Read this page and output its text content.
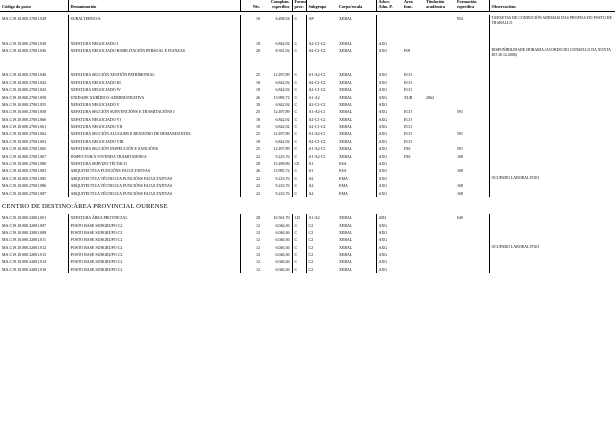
Código do posto	Denominación	Nív.	Complem.
específico	Forma
prov.	Subgrupo	Corpo/escala	Adscr.
Adm. P.	Área
func.	Titulación
académica	Formación
específica	Observacións

MA.C19.10.000.27001.028	SUBALTERNO/A	10	6.498,54	C	AP	XERAL				954	TARXETAS DE CONDUCIÓN ADEMAIS DAS PROPIAS DO POSTO DE TRABALLO
MA.C19.10.000.27001.030	XEFATURA NEGOCIADO I	18	6.842,92	C	A2-C1-C2	XERAL	AXG				
MA.C19.10.000.27001.036	XEFATURA NEGOCIADO HABILITACIÓN PERSOAL E FIANZAS	20	8.361,92	C	A2-C1-C2	XERAL	AXG	FIN			DISPOÑIBILIDADE HORARIA (ACORDO DO CONSELLO DA XUNTA DO 30.12.2008)
MA.C19.10.000.27001.040	XEFATURA SECCIÓN XESTIÓN PATRIMONIAL	25	12.497,89	C	A1-A2-C1	XERAL	AXG	ECO			
MA.C19.10.000.27001.042	XEFATURA NEGOCIADO III	18	6.842,92	C	A2-C1-C2	XERAL	AXG	ECO			
MA.C19.10.000.27001.043	XEFATURA NEGOCIADO IV	18	6.842,92	C	A2-C1-C2	XERAL	AXG	ECO			
MA.C19.10.000.27001.050	UNIDADE XURÍDICO-ADMINISTRATIVA	26	13.985,72	C	A1-A2	XERAL	AXG	XUR	2062		
MA.C19.10.000.27001.055	XEFATURA NEGOCIADO V	18	6.842,92	C	A2-C1-C2	XERAL	AXG				
MA.C19.10.000.27001.058	XEFATURA SECCIÓN SUBVENCIÓNS E TRAMITACIÓNS I	25	12.497,89	C	A1-A2-C1	XERAL	AXG	ECO		591	
MA.C19.10.000.27001.060	XEFATURA NEGOCIADO VI	18	6.842,92	C	A2-C1-C2	XERAL	AXG	ECO			
MA.C19.10.000.27001.061	XEFATURA NEGOCIADO VII	18	6.842,92	C	A2-C1-C2	XERAL	AXG	ECO			
MA.C19.10.000.27001.062	XEFATURA SECCIÓN ALUGUER E REXISTRO DE DEMANDANTES	25	12.497,89	C	A1-A2-C1	XERAL	AXG	ECO		591	
MA.C19.10.000.27001.063	XEFATURA NEGOCIADO VIII	18	6.842,92	C	A2-C1-C2	XERAL	AXG	ECO			
MA.C19.10.000.27001.065	XEFATURA SECCIÓN INSPECCIÓN E SANCIÓNS	25	12.497,89	C	A1-A2-C1	XERAL	AXG	INS		591	
MA.C19.10.000.27001.067	INSPECTOR/A-VIVENDA TRAMITADOR/A	22	9.223,76	C	A1-A2-C1	XERAL	AXG	INS		168	
MA.C19.10.000.27001.080	XEFATURA SERVIZO TÉCNICO	28	15.499,96	CE	A1	ESA	AXG				
MA.C19.10.000.27001.083	ARQUITECTO/A FUNCIÓNS FACULTATIVAS	26	13.985,72	C	A1	ESA	AXG			168	
MA.C19.10.000.27001.085	ARQUITECTO/A TÉCNICO/A FUNCIÓNS FACULTATIVAS	22	9.223,76	C	A2	EMA	AXG				OCUPADO LABORAL FIXO
MA.C19.10.000.27001.086	ARQUITECTO/A TÉCNICO/A FUNCIÓNS FACULTATIVAS	22	9.223,76	C	A2	EMA	AXG			168	
MA.C19.10.000.27001.087	ARQUITECTO/A TÉCNICO/A FUNCIÓNS FACULTATIVAS	22	9.223,76	C	A2	EMA	AXG			168	
CENTRO DE DESTINO:ÁREA PROVINCIAL OURENSE											
MA.C19.10.000.32001.001	XEFATURA ÁREA PROVINCIAL	28	16.561,70	LD	A1-A2	XERAL	AD2			640	
MA.C19.10.000.32001.007	POSTO BASE SUBGRUPO C2	12	6.046,36	C	C2	XERAL	AXG				
MA.C19.10.000.32001.008	POSTO BASE SUBGRUPO C2	12	6.046,36	C	C2	XERAL	AXG				
MA.C19.10.000.32001.011	POSTO BASE SUBGRUPO C2	12	6.046,36	C	C2	XERAL	AXG				
MA.C19.10.000.32001.012	POSTO BASE SUBGRUPO C2	12	6.046,36	C	C2	XERAL	AXG				OCUPADO LABORAL FIXO
MA.C19.10.000.32001.013	POSTO BASE SUBGRUPO C2	12	6.046,36	C	C2	XERAL	AXG				
MA.C19.10.000.32001.014	POSTO BASE SUBGRUPO C2	12	6.046,36	C	C2	XERAL	AXG				
MA.C19.10.000.32001.016	POSTO BASE SUBGRUPO C2	12	6.046,36	C	C2	XERAL	AXG				
